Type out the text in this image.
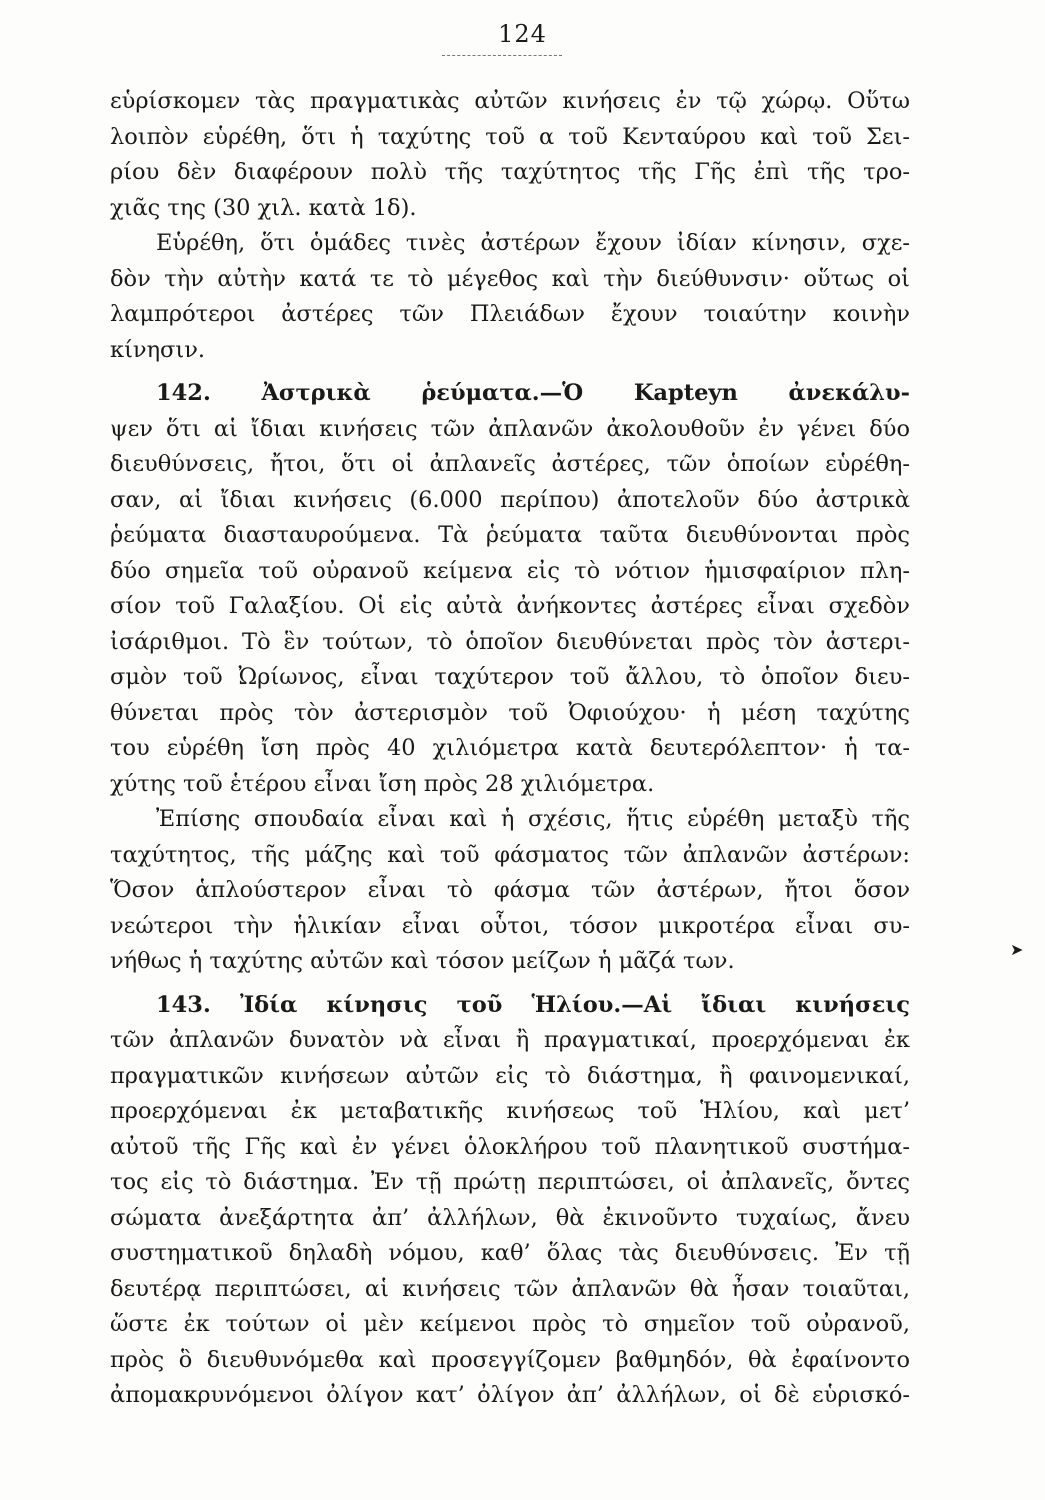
124
εὑρίσκομεν τὰς πραγματικὰς αὐτῶν κινήσεις ἐν τῷ χώρῳ. Οὕτω
λοιπὸν εὑρέθη, ὅτι ἡ ταχύτης τοῦ α τοῦ Κενταύρου καὶ τοῦ Σει-
ρίου δὲν διαφέρουν πολὺ τῆς ταχύτητος τῆς Γῆς ἐπὶ τῆς τρο-
χιᾶς της (30 χιλ. κατὰ 1δ).
Εὑρέθη, ὅτι ὁμάδες τινὲς ἀστέρων ἔχουν ἰδίαν κίνησιν, σχε-
δὸν τὴν αὐτὴν κατά τε τὸ μέγεθος καὶ τὴν διεύθυνσιν· οὕτως οἱ
λαμπρότεροι ἀστέρες τῶν Πλειάδων ἔχουν τοιαύτην κοινὴν
κίνησιν.
142. Ἀστρικὰ ῥεύματα.—Ὁ Kapteyn ἀνεκάλυ-
ψεν ὅτι αἱ ἴδιαι κινήσεις τῶν ἀπλανῶν ἀκολουθοῦν ἐν γένει δύο
διευθύνσεις, ἤτοι, ὅτι οἱ ἀπλανεῖς ἀστέρες, τῶν ὁποίων εὑρέθη-
σαν, αἱ ἴδιαι κινήσεις (6.000 περίπου) ἀποτελοῦν δύο ἀστρικὰ
ῥεύματα διασταυρούμενα. Τὰ ῥεύματα ταῦτα διευθύνονται πρὸς
δύο σημεῖα τοῦ οὐρανοῦ κείμενα εἰς τὸ νότιον ἡμισφαίριον πλη-
σίον τοῦ Γαλαξίου. Οἱ εἰς αὐτὰ ἀνήκοντες ἀστέρες εἶναι σχεδὸν
ἰσάριθμοι. Τὸ ἓν τούτων, τὸ ὁποῖον διευθύνεται πρὸς τὸν ἀστερι-
σμὸν τοῦ Ὠρίωνος, εἶναι ταχύτερον τοῦ ἄλλου, τὸ ὁποῖον διευ-
θύνεται πρὸς τὸν ἀστερισμὸν τοῦ Ὀφιούχου· ἡ μέση ταχύτης
του εὑρέθη ἴση πρὸς 40 χιλιόμετρα κατὰ δευτερόλεπτον· ἡ τα-
χύτης τοῦ ἑτέρου εἶναι ἴση πρὸς 28 χιλιόμετρα.
Ἐπίσης σπουδαία εἶναι καὶ ἡ σχέσις, ἥτις εὑρέθη μεταξὺ τῆς
ταχύτητος, τῆς μάζης καὶ τοῦ φάσματος τῶν ἀπλανῶν ἀστέρων:
Ὅσον ἁπλούστερον εἶναι τὸ φάσμα τῶν ἀστέρων, ἤτοι ὅσον
νεώτεροι τὴν ἡλικίαν εἶναι οὗτοι, τόσον μικροτέρα εἶναι συ-
νήθως ἡ ταχύτης αὐτῶν καὶ τόσον μείζων ἡ μᾶζά των.
143. Ἰδία κίνησις τοῦ Ἡλίου.—Αἱ ἴδιαι κινήσεις
τῶν ἀπλανῶν δυνατὸν νὰ εἶναι ἢ πραγματικαί, προερχόμεναι ἐκ
πραγματικῶν κινήσεων αὐτῶν εἰς τὸ διάστημα, ἢ φαινομενικαί,
προερχόμεναι ἐκ μεταβατικῆς κινήσεως τοῦ Ἡλίου, καὶ μετ’
αὐτοῦ τῆς Γῆς καὶ ἐν γένει ὁλοκλήρου τοῦ πλανητικοῦ συστήμα-
τος εἰς τὸ διάστημα. Ἐν τῇ πρώτῃ περιπτώσει, οἱ ἀπλανεῖς, ὄντες
σώματα ἀνεξάρτητα ἀπ’ ἀλλήλων, θὰ ἐκινοῦντο τυχαίως, ἄνευ
συστηματικοῦ δηλαδὴ νόμου, καθ’ ὅλας τὰς διευθύνσεις. Ἐν τῇ
δευτέρᾳ περιπτώσει, αἱ κινήσεις τῶν ἀπλανῶν θὰ ἦσαν τοιαῦται,
ὥστε ἐκ τούτων οἱ μὲν κείμενοι πρὸς τὸ σημεῖον τοῦ οὐρανοῦ,
πρὸς ὃ διευθυνόμεθα καὶ προσεγγίζομεν βαθμηδόν, θὰ ἐφαίνοντο
ἀπομακρυνόμενοι ὀλίγον κατ’ ὀλίγον ἀπ’ ἀλλήλων, οἱ δὲ εὑρισκό-
➤
